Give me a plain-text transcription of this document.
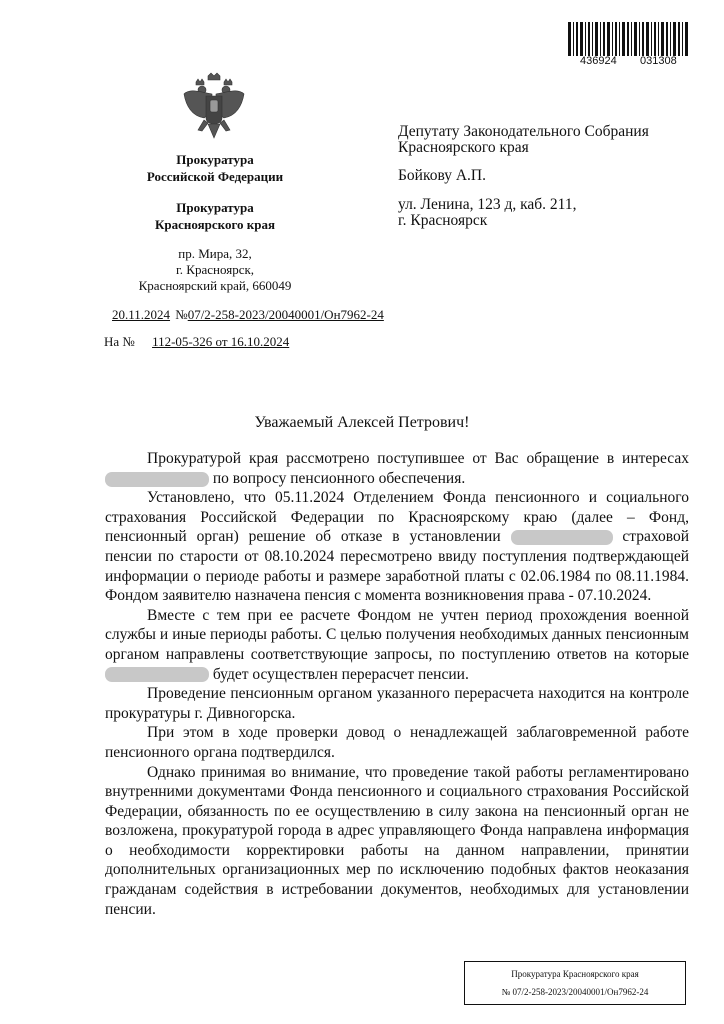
436924 031308
Прокуратура
Российской Федерации
Прокуратура
Красноярского края
пр. Мира, 32,
г. Красноярск,
Красноярский край, 660049
20.11.2024 №07/2-258-2023/20040001/Он7962-24
На № 112-05-326 от 16.10.2024
Депутату Законодательного Собрания
Красноярского края
Бойкову А.П.
ул. Ленина, 123 д, каб. 211,
г. Красноярск
Уважаемый Алексей Петрович!

Прокуратурой края рассмотрено поступившее от Вас обращение в интересах  по вопросу пенсионного обеспечения.

Установлено, что 05.11.2024 Отделением Фонда пенсионного и социального страхования Российской Федерации по Красноярскому краю (далее – Фонд, пенсионный орган) решение об отказе в установлении	страховой пенсии по старости от 08.10.2024 пересмотрено ввиду поступления подтверждающей информации о периоде работы и размере заработной платы с 02.06.1984 по 08.11.1984. Фондом заявителю назначена пенсия с момента возникновения права - 07.10.2024.

Вместе с тем при ее расчете Фондом не учтен период прохождения военной службы и иные периоды работы. С целью получения необходимых данных пенсионным органом направлены соответствующие запросы, по поступлению ответов на которые  будет осуществлен перерасчет пенсии.

Проведение пенсионным органом указанного перерасчета находится на контроле прокуратуры г. Дивногорска.

При этом в ходе проверки довод о ненадлежащей заблаговременной работе пенсионного органа подтвердился.

Однако принимая во внимание, что проведение такой работы регламентировано внутренними документами Фонда пенсионного и социального страхования Российской Федерации, обязанность по ее осуществлению в силу закона на пенсионный орган не возложена, прокуратурой города в адрес управляющего Фонда направлена информация о необходимости корректировки работы на данном направлении, принятии дополнительных организационных мер по исключению подобных фактов неоказания гражданам содействия в истребовании документов, необходимых для установлении пенсии.

Прокуратура Красноярского края
№ 07/2-258-2023/20040001/Он7962-24
